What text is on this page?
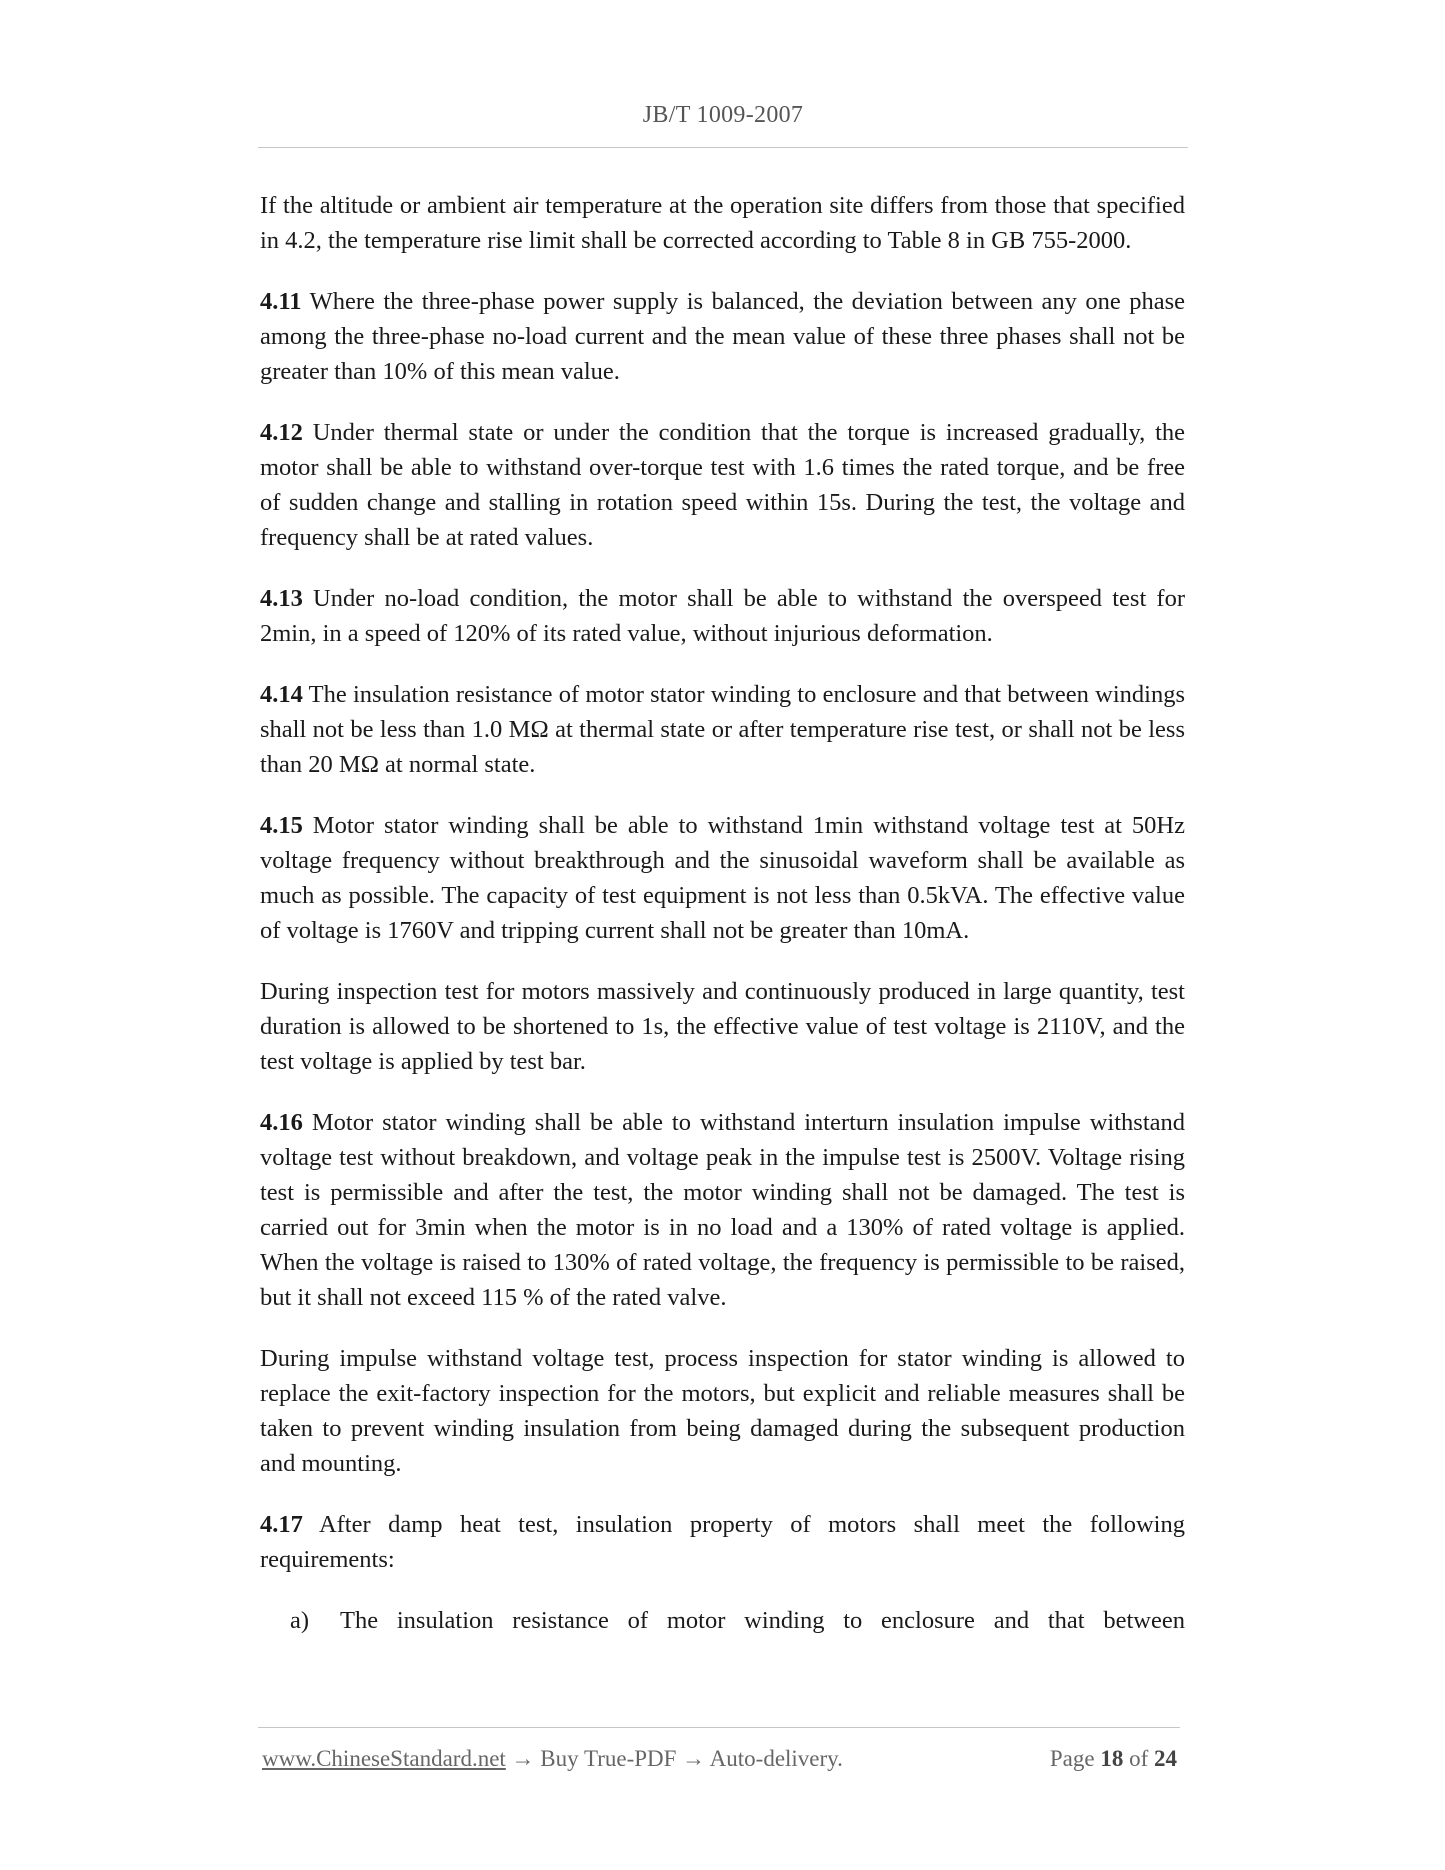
JB/T 1009-2007

If the altitude or ambient air temperature at the operation site differs from those that specified in 4.2, the temperature rise limit shall be corrected according to Table 8 in GB 755-2000.

4.11 Where the three-phase power supply is balanced, the deviation between any one phase among the three-phase no-load current and the mean value of these three phases shall not be greater than 10% of this mean value.

4.12 Under thermal state or under the condition that the torque is increased gradually, the motor shall be able to withstand over-torque test with 1.6 times the rated torque, and be free of sudden change and stalling in rotation speed within 15s. During the test, the voltage and frequency shall be at rated values.

4.13 Under no-load condition, the motor shall be able to withstand the overspeed test for 2min, in a speed of 120% of its rated value, without injurious deformation.

4.14 The insulation resistance of motor stator winding to enclosure and that between windings shall not be less than 1.0 MΩ at thermal state or after temperature rise test, or shall not be less than 20 MΩ at normal state.

4.15 Motor stator winding shall be able to withstand 1min withstand voltage test at 50Hz voltage frequency without breakthrough and the sinusoidal waveform shall be available as much as possible. The capacity of test equipment is not less than 0.5kVA. The effective value of voltage is 1760V and tripping current shall not be greater than 10mA.

During inspection test for motors massively and continuously produced in large quantity, test duration is allowed to be shortened to 1s, the effective value of test voltage is 2110V, and the test voltage is applied by test bar.

4.16 Motor stator winding shall be able to withstand interturn insulation impulse withstand voltage test without breakdown, and voltage peak in the impulse test is 2500V. Voltage rising test is permissible and after the test, the motor winding shall not be damaged. The test is carried out for 3min when the motor is in no load and a 130% of rated voltage is applied. When the voltage is raised to 130% of rated voltage, the frequency is permissible to be raised, but it shall not exceed 115 % of the rated valve.

During impulse withstand voltage test, process inspection for stator winding is allowed to replace the exit-factory inspection for the motors, but explicit and reliable measures shall be taken to prevent winding insulation from being damaged during the subsequent production and mounting.

4.17 After damp heat test, insulation property of motors shall meet the following requirements:

a) The insulation resistance of motor winding to enclosure and that between
www.ChineseStandard.net → Buy True-PDF → Auto-delivery.	Page 18 of 24
